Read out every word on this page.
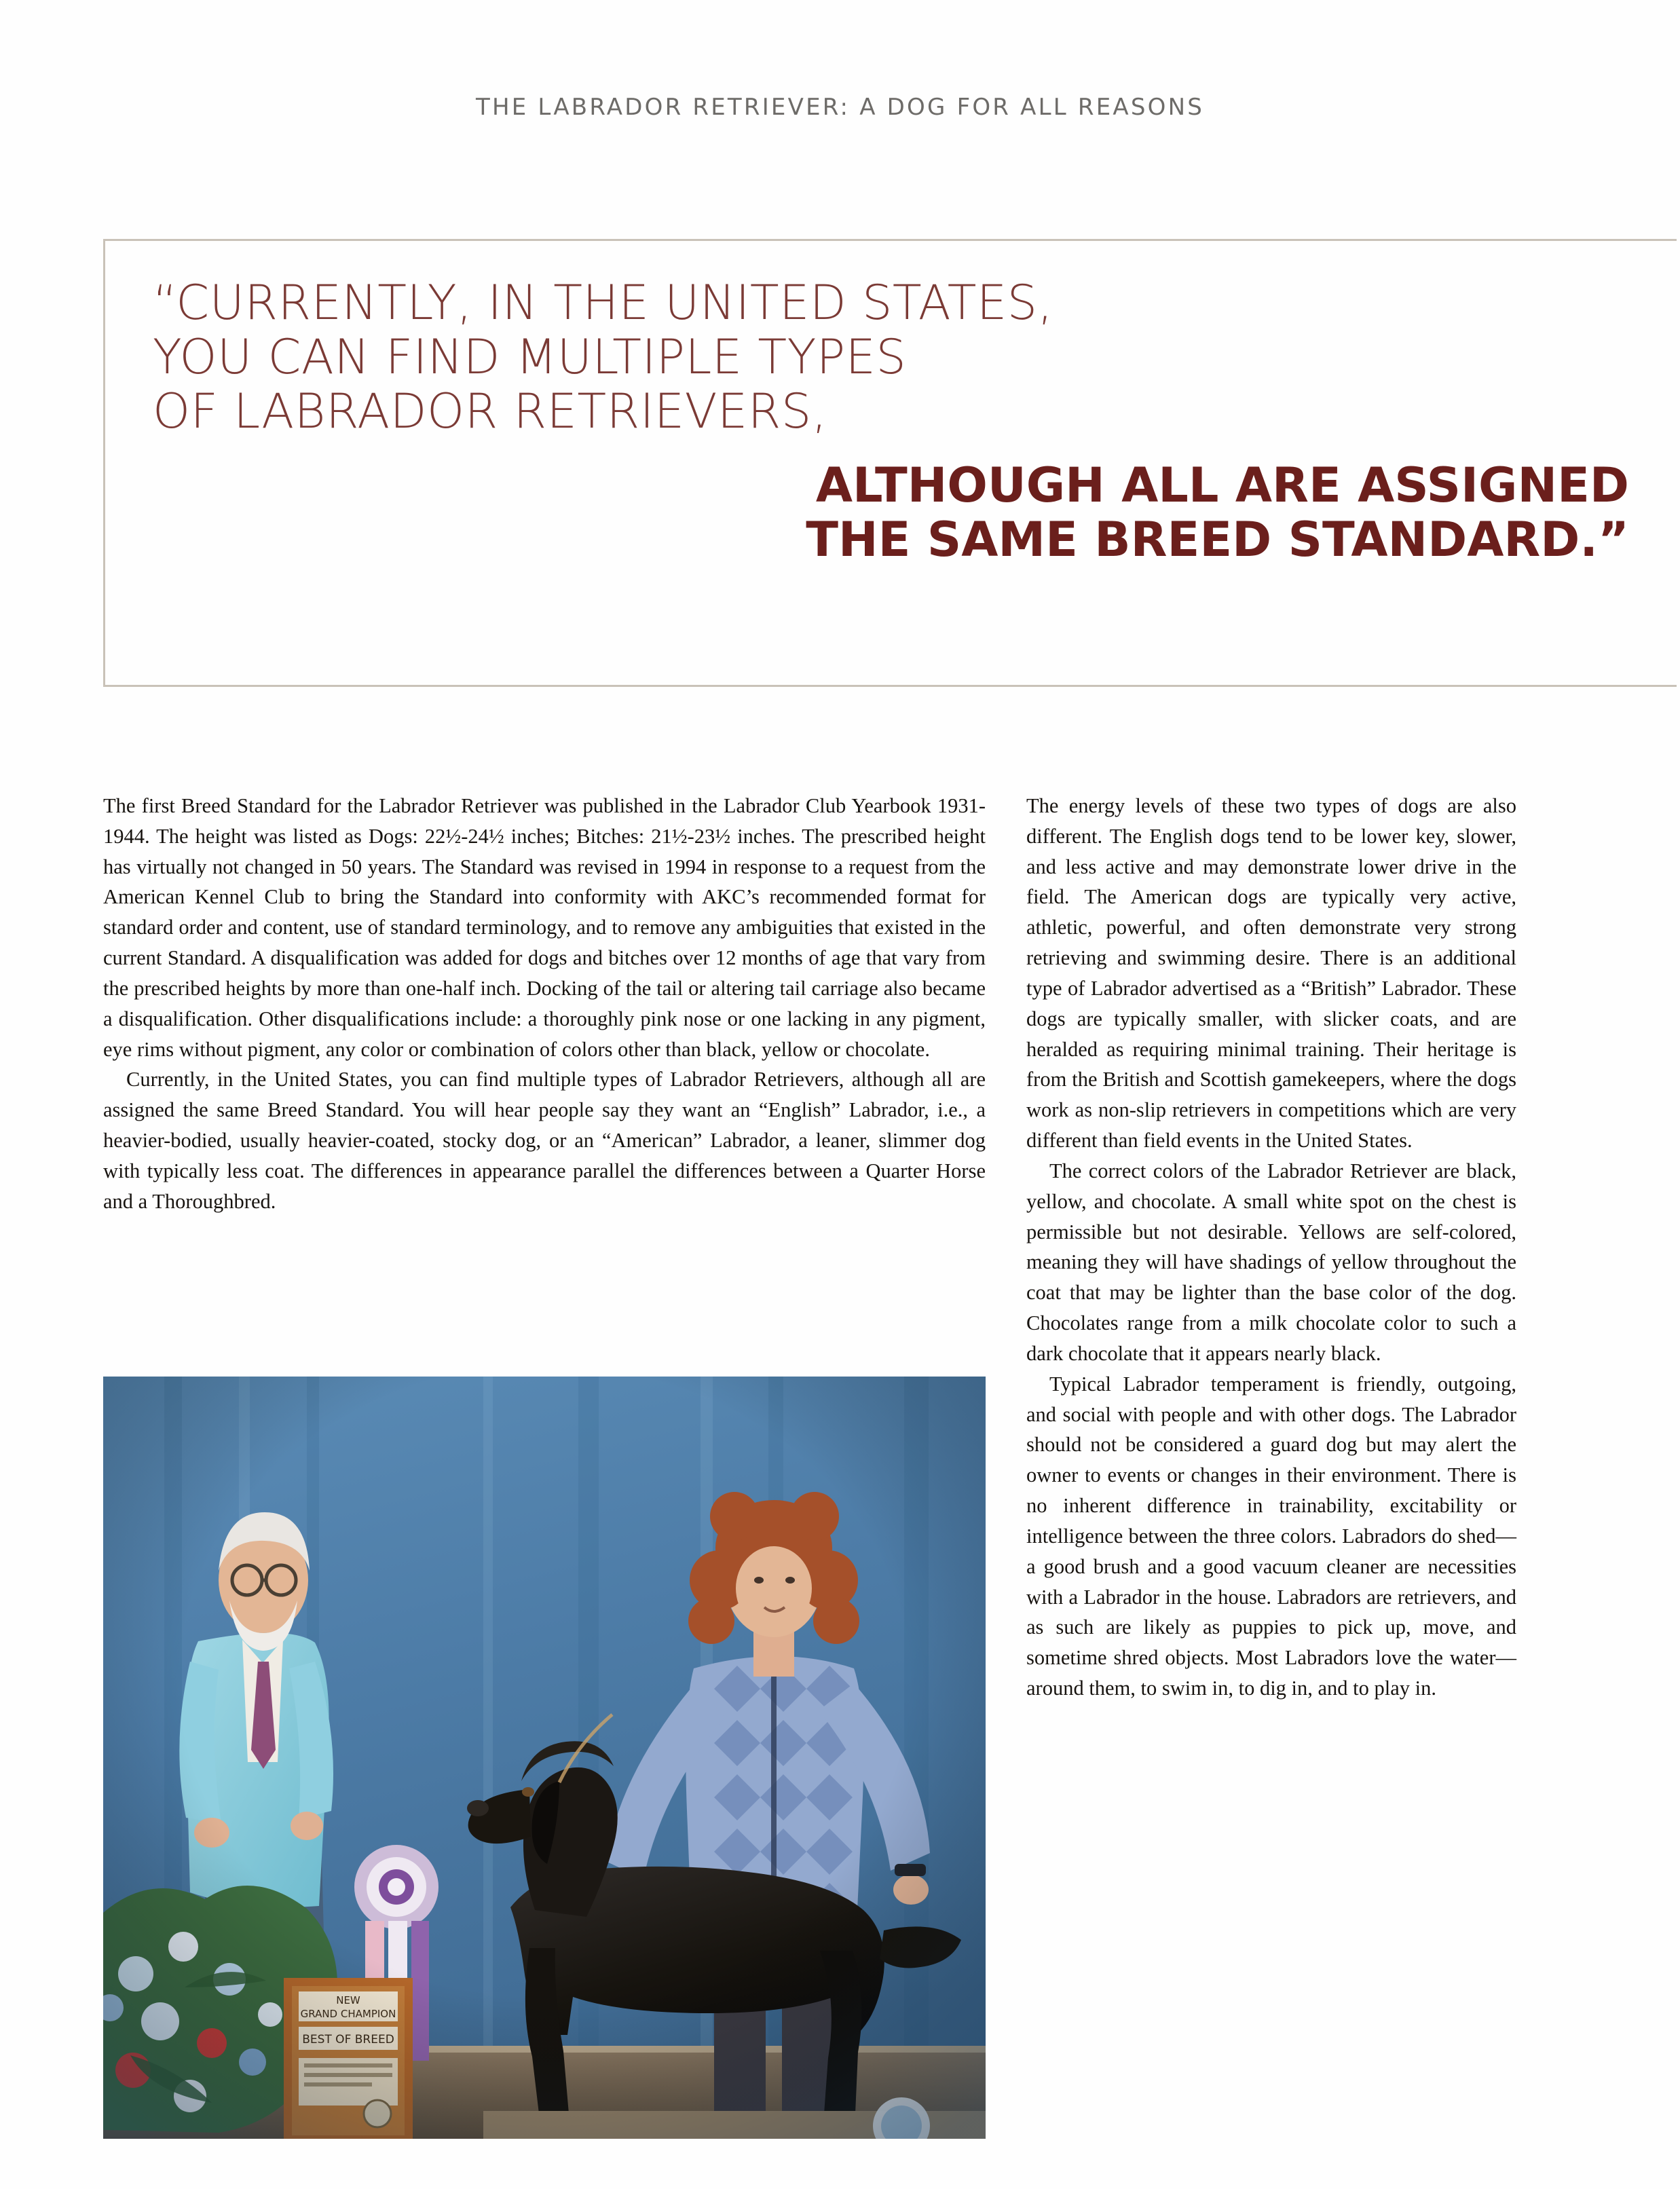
THE LABRADOR RETRIEVER: A DOG FOR ALL REASONS
“CURRENTLY, IN THE UNITED STATES,
YOU CAN FIND MULTIPLE TYPES
OF LABRADOR RETRIEVERS,
ALTHOUGH ALL ARE ASSIGNED
THE SAME BREED STANDARD.”

The first Breed Standard for the Labrador Retriever was published in the Labrador Club Yearbook 1931-1944. The height was listed as Dogs: 22½-24½ inches; Bitches: 21½-23½ inches. The prescribed height has virtually not changed in 50 years. The Standard was revised in 1994 in response to a request from the American Kennel Club to bring the Standard into conformity with AKC’s recommended format for standard order and content, use of standard terminology, and to remove any ambiguities that existed in the current Standard. A disqualification was added for dogs and bitches over 12 months of age that vary from the prescribed heights by more than one-half inch. Docking of the tail or altering tail carriage also became a disqualification. Other disqualifications include: a thoroughly pink nose or one lacking in any pigment, eye rims without pigment, any color or combination of colors other than black, yellow or chocolate.

Currently, in the United States, you can find multiple types of Labrador Retrievers, although all are assigned the same Breed Standard. You will hear people say they want an “English” Labrador, i.e., a heavier-bodied, usually heavier-coated, stocky dog, or an “American” Labrador, a leaner, slimmer dog with typically less coat. The differences in appearance parallel the differences between a Quarter Horse and a Thoroughbred.

The energy levels of these two types of dogs are also different. The English dogs tend to be lower key, slower, and less active and may demonstrate lower drive in the field. The American dogs are typically very active, athletic, powerful, and often demonstrate very strong retrieving and swimming desire. There is an additional type of Labrador advertised as a “British” Labrador. These dogs are typically smaller, with slicker coats, and are heralded as requiring minimal training. Their heritage is from the British and Scottish gamekeepers, where the dogs work as non-slip retrievers in competitions which are very different than field events in the United States.

The correct colors of the Labrador Retriever are black, yellow, and chocolate. A small white spot on the chest is permissible but not desirable. Yellows are self-colored, meaning they will have shadings of yellow throughout the coat that may be lighter than the base color of the dog. Chocolates range from a milk chocolate color to such a dark chocolate that it appears nearly black.

Typical Labrador temperament is friendly, outgoing, and social with people and with other dogs. The Labrador should not be considered a guard dog but may alert the owner to events or changes in their environment. There is no inherent difference in trainability, excitability or intelligence between the three colors. Labradors do shed—a good brush and a good vacuum cleaner are necessities with a Labrador in the house. Labradors are retrievers, and as such are likely as puppies to pick up, move, and sometime shred objects. Most Labradors love the water—around them, to swim in, to dig in, and to play in.
